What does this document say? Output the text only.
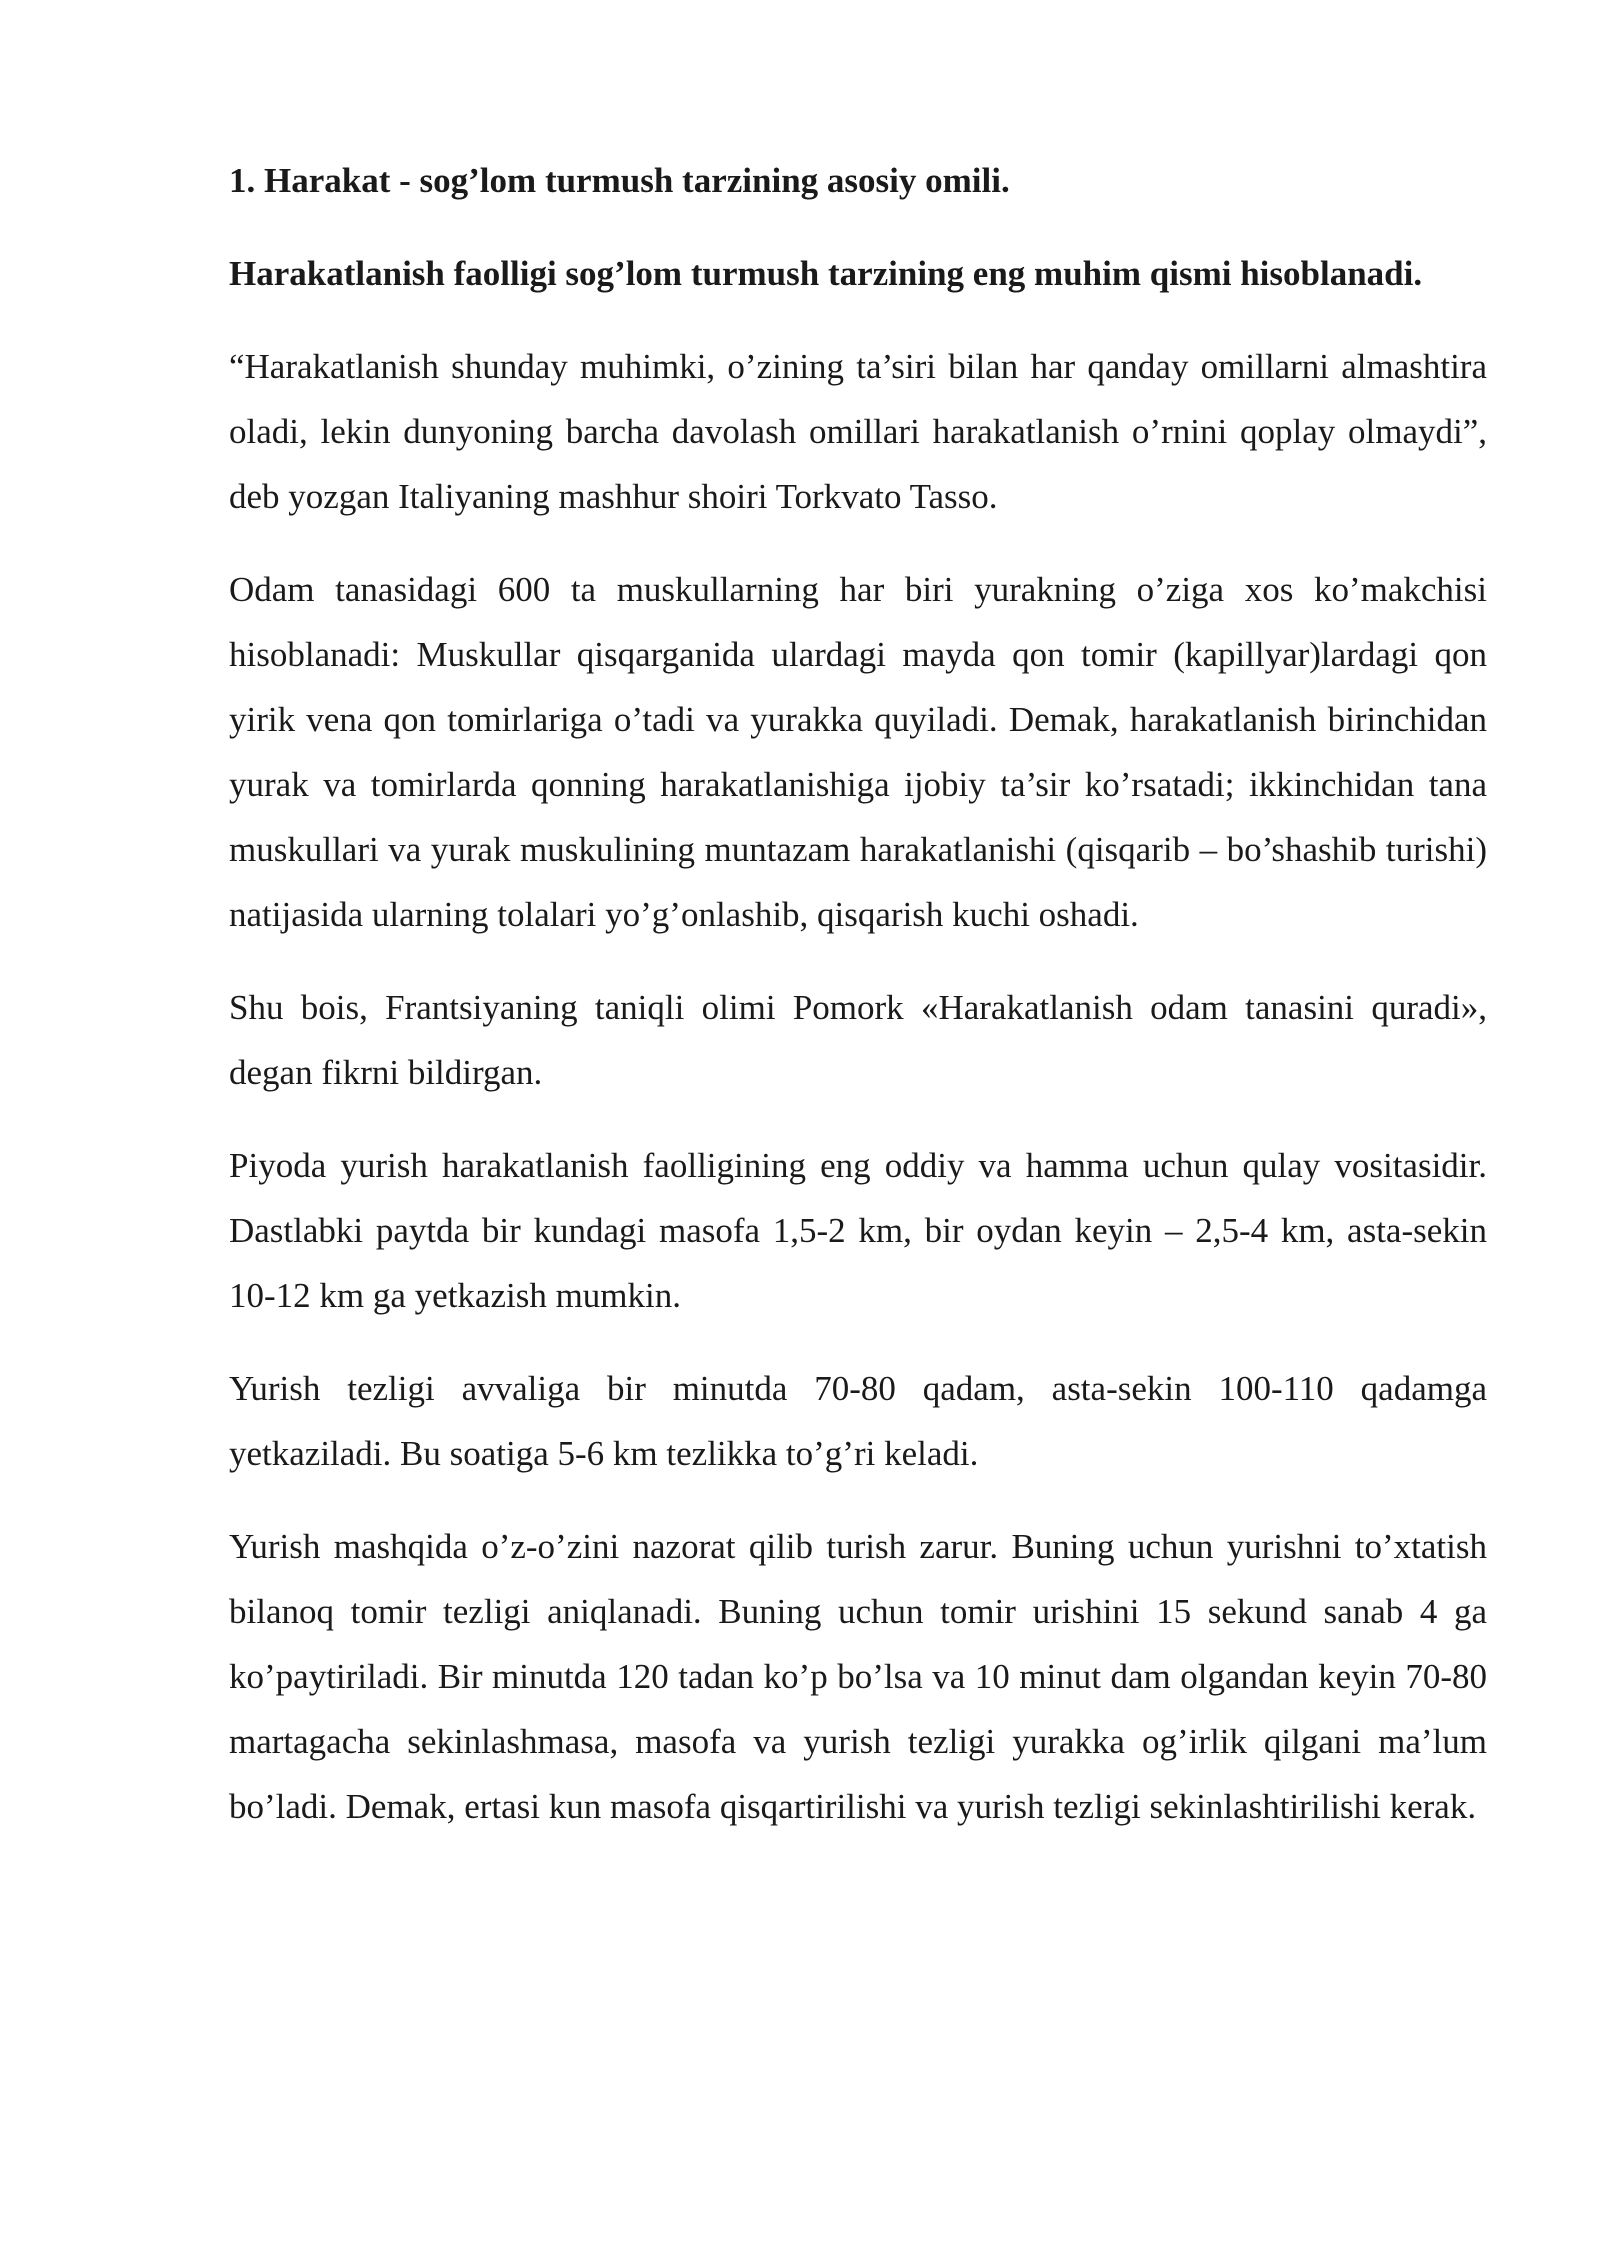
1. Harakat - sog’lom turmush tarzining asosiy omili.

Harakatlanish faolligi sog’lom turmush tarzining eng muhim qismi hisoblanadi.

“Harakatlanish shunday muhimki, o’zining ta’siri bilan har qanday omillarni almashtira oladi, lekin dunyoning barcha davolash omillari harakatlanish o’rnini qoplay olmaydi”, deb yozgan Italiyaning mashhur shoiri Torkvato Tasso.

Odam tanasidagi 600 ta muskullarning har biri yurakning o’ziga xos ko’makchisi hisoblanadi: Muskullar qisqarganida ulardagi mayda qon tomir (kapillyar)lardagi qon yirik vena qon tomirlariga o’tadi va yurakka quyiladi. Demak, harakatlanish birinchidan yurak va tomirlarda qonning harakatlanishiga ijobiy ta’sir ko’rsatadi; ikkinchidan tana muskullari va yurak muskulining muntazam harakatlanishi (qisqarib – bo’shashib turishi) natijasida ularning tolalari yo’g’onlashib, qisqarish kuchi oshadi.

Shu bois, Frantsiyaning taniqli olimi Pomork «Harakatlanish odam tanasini quradi», degan fikrni bildirgan.

Piyoda yurish harakatlanish faolligining eng oddiy va hamma uchun qulay vositasidir. Dastlabki paytda bir kundagi masofa 1,5-2 km, bir oydan keyin – 2,5-4 km, asta-sekin 10-12 km ga yetkazish mumkin.

Yurish tezligi avvaliga bir minutda 70-80 qadam, asta-sekin 100-110 qadamga yetkaziladi. Bu soatiga 5-6 km tezlikka to’g’ri keladi.

Yurish mashqida o’z-o’zini nazorat qilib turish zarur. Buning uchun yurishni to’xtatish bilanoq tomir tezligi aniqlanadi. Buning uchun tomir urishini 15 sekund sanab 4 ga ko’paytiriladi. Bir minutda 120 tadan ko’p bo’lsa va 10 minut dam olgandan keyin 70-80 martagacha sekinlashmasa, masofa va yurish tezligi yurakka og’irlik qilgani ma’lum bo’ladi. Demak, ertasi kun masofa qisqartirilishi va yurish tezligi sekinlashtirilishi kerak.
